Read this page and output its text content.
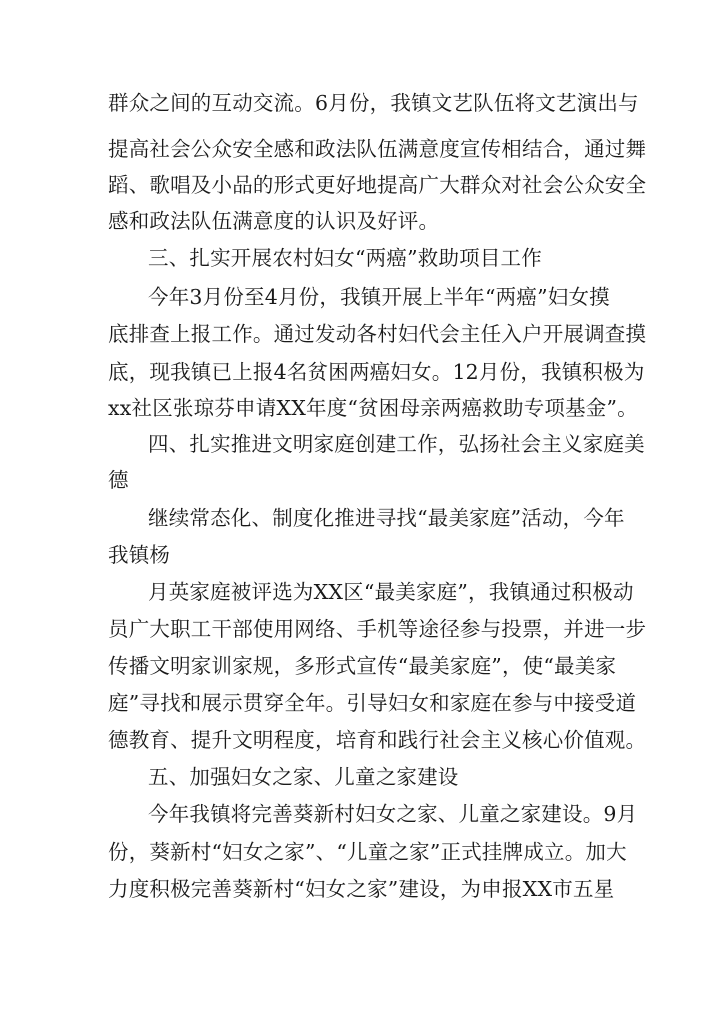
群众之间的互动交流。6月份，我镇文艺队伍将文艺演出与
提高社会公众安全感和政法队伍满意度宣传相结合，通过舞
蹈、歌唱及小品的形式更好地提高广大群众对社会公众安全
感和政法队伍满意度的认识及好评。
三、扎实开展农村妇女“两癌”救助项目工作
今年3月份至4月份，我镇开展上半年“两癌”妇女摸
底排查上报工作。通过发动各村妇代会主任入户开展调查摸
底，现我镇已上报4名贫困两癌妇女。12月份，我镇积极为
xx社区张琼芬申请XX年度“贫困母亲两癌救助专项基金”。
四、扎实推进文明家庭创建工作，弘扬社会主义家庭美
德
继续常态化、制度化推进寻找“最美家庭”活动，今年
我镇杨
月英家庭被评选为XX区“最美家庭”，我镇通过积极动
员广大职工干部使用网络、手机等途径参与投票，并进一步
传播文明家训家规，多形式宣传“最美家庭”，使“最美家
庭”寻找和展示贯穿全年。引导妇女和家庭在参与中接受道
德教育、提升文明程度，培育和践行社会主义核心价值观。
五、加强妇女之家、儿童之家建设
今年我镇将完善葵新村妇女之家、儿童之家建设。9月
份，葵新村“妇女之家”、“儿童之家”正式挂牌成立。加大
力度积极完善葵新村“妇女之家”建设，为申报XX市五星
